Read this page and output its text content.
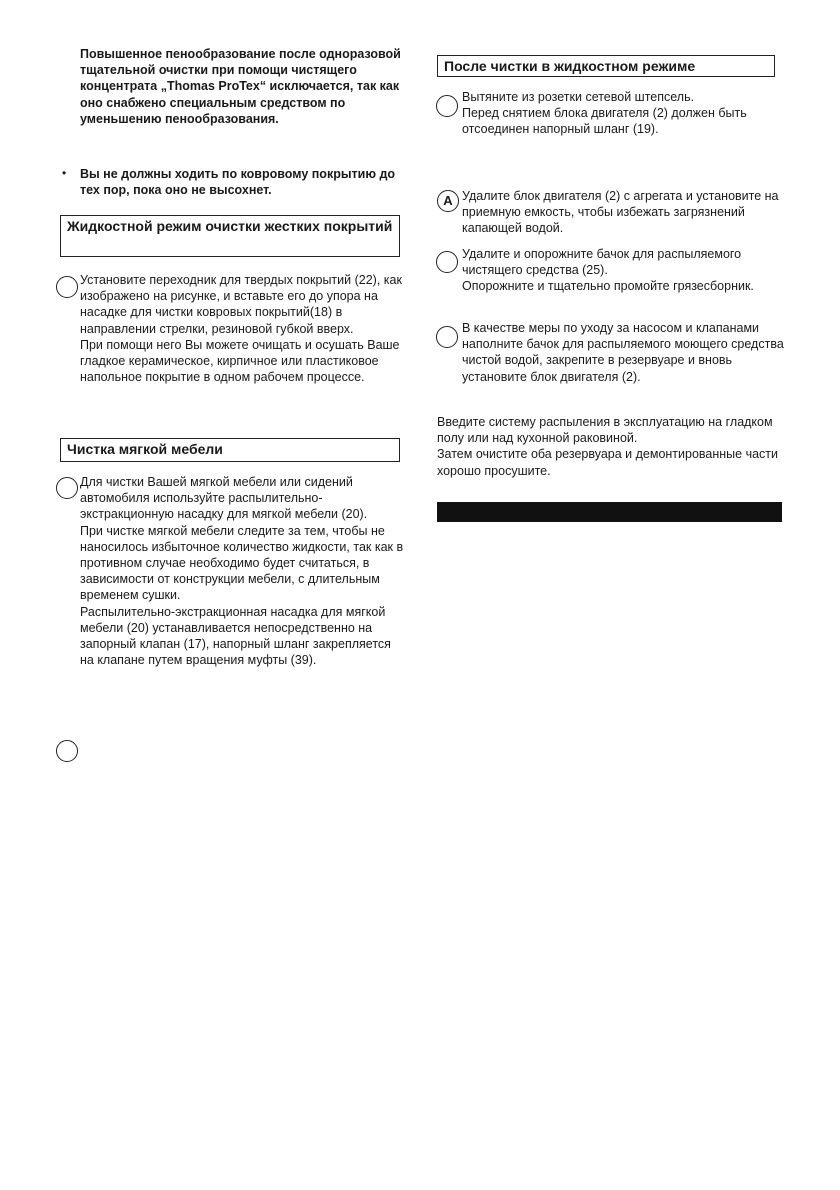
Повышенное пенообразование после одноразовой тщательной очистки при помощи чистящего концентрата „Thomas ProTex“ исключается, так как оно снабжено специальным средством по уменьшению пенообразования.

• Вы не должны ходить по ковровому покрытию до тех пор, пока оно не высохнет.

Жидкостной режим очистки жестких покрытий

Установите переходник для твердых покрытий (22), как изображено на рисунке, и вставьте его до упора на насадке для чистки ковровых покрытий(18) в направлении стрелки, резиновой губкой вверх.
При помощи него Вы можете очищать и осушать Ваше гладкое керамическое, кирпичное или пластиковое напольное покрытие в одном рабочем процессе.

Чистка мягкой мебели

Для чистки Вашей мягкой мебели или сидений автомобиля используйте распылительно-экстракционную насадку для мягкой мебели (20).
При чистке мягкой мебели следите за тем, чтобы не наносилось избыточное количество жидкости, так как в противном случае необходимо будет считаться, в зависимости от конструкции мебели, с длительным временем сушки.
Распылительно-экстракционная насадка для мягкой мебели (20) устанавливается непосредственно на запорный клапан (17), напорный шланг закрепляется на клапане путем вращения муфты (39).

После чистки в жидкостном режиме

Вытяните из розетки сетевой штепсель.
Перед снятием блока двигателя (2) должен быть отсоединен напорный шланг (19).

A Удалите блок двигателя (2) с агрегата и установите на приемную емкость, чтобы избежать загрязнений капающей водой.

Удалите и опорожните бачок для распыляемого чистящего средства (25).
Опорожните и тщательно промойте грязесборник.

В качестве меры по уходу за насосом и клапанами наполните бачок для распыляемого моющего средства чистой водой, закрепите в резервуаре и вновь установите блок двигателя (2).

Введите систему распыления в эксплуатацию на гладком полу или над кухонной раковиной.
Затем очистите оба резервуара и демонтированные части хорошо просушите.
